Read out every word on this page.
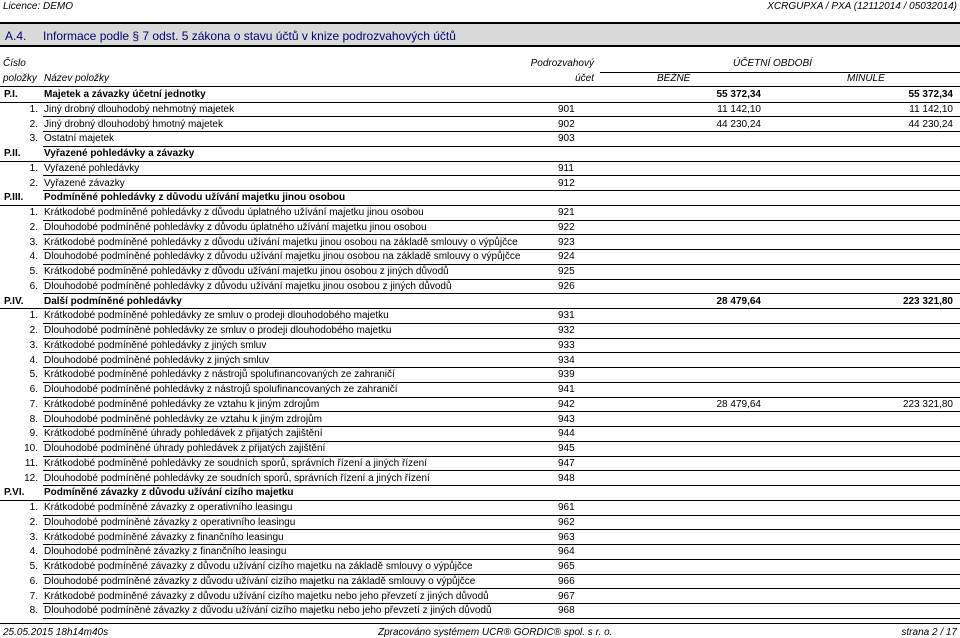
Licence: DEMO	XCRGUPXA / PXA (12112014 / 05032014)
A.4. Informace podle § 7 odst. 5 zákona o stavu účtů v knize podrozvahových účtů
Číslo
položky Název položky
Podrozvahový
účet
ÚČETNÍ OBDOBÍ
BĚŽNÉ	MINULÉ
P.I.	Majetek a závazky účetní jednotky	55 372,34	55 372,34
1. Jiný drobný dlouhodobý nehmotný majetek	901	11 142,10	11 142,10
2. Jiný drobný dlouhodobý hmotný majetek	902	44 230,24	44 230,24
3. Ostatní majetek	903
P.II. Vyřazené pohledávky a závazky
1. Vyřazené pohledávky	911
2. Vyřazené závazky	912
P.III. Podmíněné pohledávky z důvodu užívání majetku jinou osobou
1. Krátkodobé podmíněné pohledávky z důvodu úplatného užívání majetku jinou osobou	921
2. Dlouhodobé podmíněné pohledávky z důvodu úplatného užívání majetku jinou osobou	922
3. Krátkodobé podmíněné pohledávky z důvodu užívání majetku jinou osobou na základě smlouvy o výpůjčce	923
4. Dlouhodobé podmíněné pohledávky z důvodu užívání majetku jinou osobou na základě smlouvy o výpůjčce	924
5. Krátkodobé podmíněné pohledávky z důvodu užívání majetku jinou osobou z jiných důvodů	925
6. Dlouhodobé podmíněné pohledávky z důvodu užívání majetku jinou osobou z jiných důvodů	926
P.IV. Další podmíněné pohledávky	28 479,64	223 321,80
1. Krátkodobé podmíněné pohledávky ze smluv o prodeji dlouhodobého majetku	931
2. Dlouhodobé podmíněné pohledávky ze smluv o prodeji dlouhodobého majetku	932
3. Krátkodobé podmíněné pohledávky z jiných smluv	933
4. Dlouhodobé podmíněné pohledávky z jiných smluv	934
5. Krátkodobé podmíněné pohledávky z nástrojů spolufinancovaných ze zahraničí	939
6. Dlouhodobé podmíněné pohledávky z nástrojů spolufinancovaných ze zahraničí	941
7. Krátkodobé podmíněné pohledávky ze vztahu k jiným zdrojům	942	28 479,64	223 321,80
8. Dlouhodobé podmíněné pohledávky ze vztahu k jiným zdrojům	943
9. Krátkodobé podmíněné úhrady pohledávek z přijatých zajištění	944
10. Dlouhodobé podmíněné úhrady pohledávek z přijatých zajištění	945
11. Krátkodobé podmíněné pohledávky ze soudních sporů, správních řízení a jiných řízení	947
12. Dlouhodobé podmíněné pohledávky ze soudních sporů, správních řízení a jiných řízení	948
P.VI. Podmíněné závazky z důvodu užívání cizího majetku
1. Krátkodobé podmíněné závazky z operativního leasingu	961
2. Dlouhodobé podmíněné závazky z operativního leasingu	962
3. Krátkodobé podmíněné závazky z finančního leasingu	963
4. Dlouhodobé podmíněné závazky z finančního leasingu	964
5. Krátkodobé podmíněné závazky z důvodu užívání cizího majetku na základě smlouvy o výpůjčce	965
6. Dlouhodobé podmíněné závazky z důvodu užívání cizího majetku na základě smlouvy o výpůjčce	966
7. Krátkodobé podmíněné závazky z důvodu užívání cizího majetku nebo jeho převzetí z jiných důvodů	967
8. Dlouhodobé podmíněné závazky z důvodu užívání cizího majetku nebo jeho převzetí z jiných důvodů	968
25.05.2015 18h14m40s	Zpracováno systémem UCR® GORDIC® spol. s r. o.	strana 2 / 17
